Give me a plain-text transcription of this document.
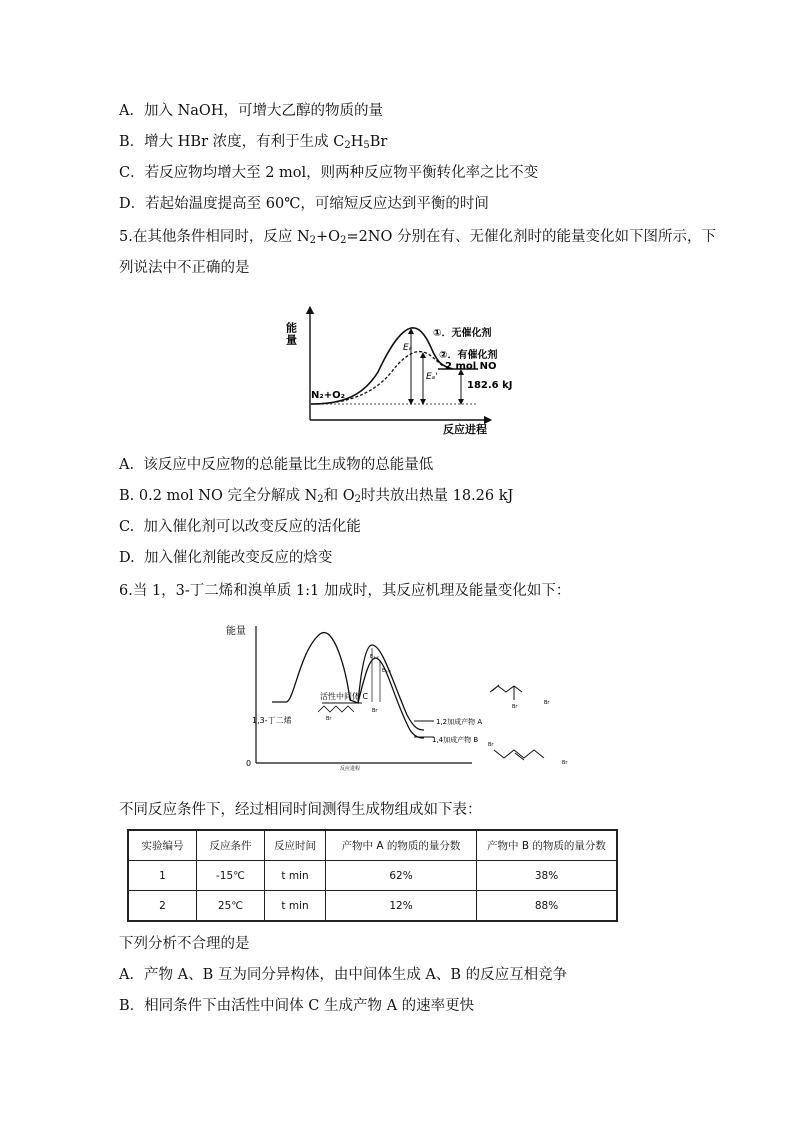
A．加入 NaOH，可增大乙醇的物质的量
B．增大 HBr 浓度，有利于生成 $C_2H_5Br$
C．若反应物均增大至 2 mol，则两种反应物平衡转化率之比不变
D．若起始温度提高至 60℃，可缩短反应达到平衡的时间
5.在其他条件相同时，反应 $N_2+O_2=2NO$ 分别在有、无催化剂时的能量变化如下图所示，下
列说法中不正确的是
能量
反应进程
Eₐ
Eₐ'
①．无催化剂
②．有催化剂
2 mol NO
182.6 kJ
N₂+O₂
A. 该反应中反应物的总能量比生成物的总能量低
B. 0.2 mol NO 完全分解成 $N_2$和 $O_2$时共放出热量 18.26 kJ
C. 加入催化剂可以改变反应的活化能
D. 加入催化剂能改变反应的焓变
6.当 1，3-丁二烯和溴单质 1:1 加成时，其反应机理及能量变化如下：
能量
0
反应进程
E₁,₂
E₁,₄
1,3-丁二烯
活性中间体 C
1,2加成产物 A
1,4加成产物 B
Br
Br
Br
Br
Br
Br
不同反应条件下，经过相同时间测得生成物组成如下表：
实验编号	反应条件	反应时间	产物中 A 的物质的量分数	产物中 B 的物质的量分数
1	-15℃	t min	62%	38%
2	25℃	t min	12%	88%
下列分析不合理的是
A．产物 A、B 互为同分异构体，由中间体生成 A、B 的反应互相竞争
B．相同条件下由活性中间体 C 生成产物 A 的速率更快
